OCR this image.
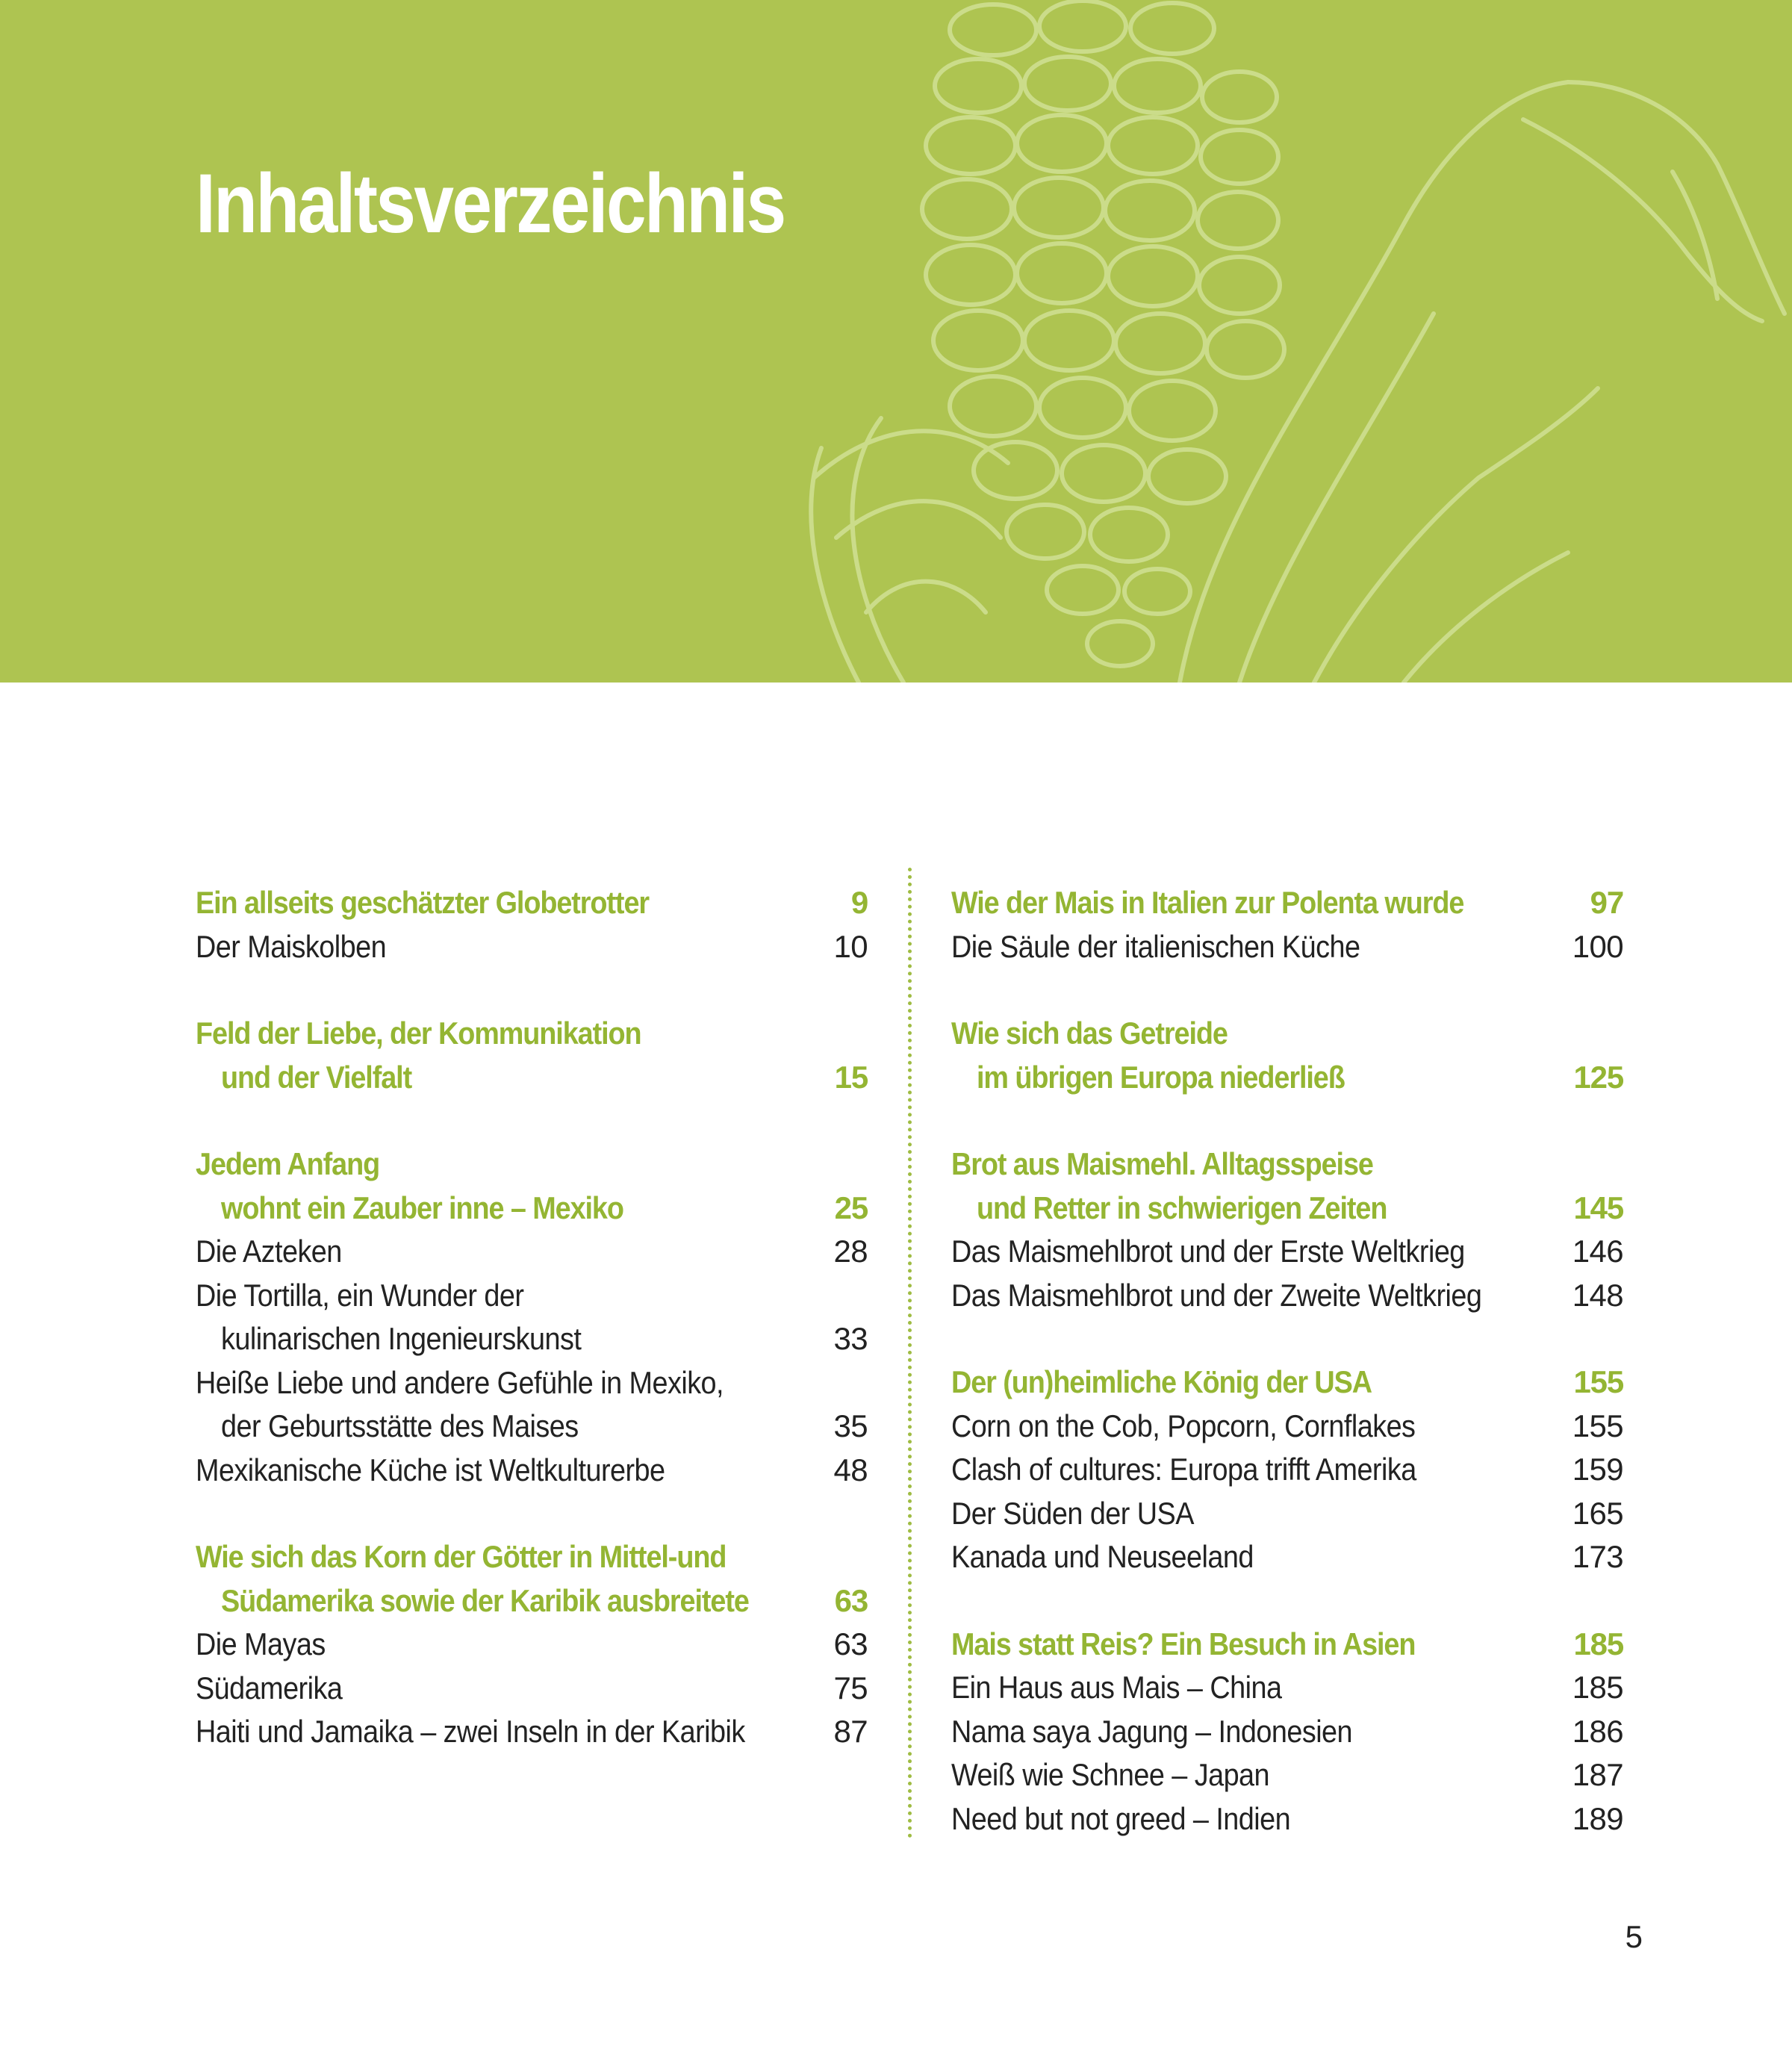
Inhaltsverzeichnis
Ein allseits geschätzter Globetrotter	9
Der Maiskolben	10
Feld der Liebe, der Kommunikation
und der Vielfalt	15
Jedem Anfang
wohnt ein Zauber inne – Mexiko	25
Die Azteken	28
Die Tortilla, ein Wunder der
kulinarischen Ingenieurskunst	33
Heiße Liebe und andere Gefühle in Mexiko,
der Geburtsstätte des Maises	35
Mexikanische Küche ist Weltkulturerbe	48
Wie sich das Korn der Götter in Mittel-und
Südamerika sowie der Karibik ausbreitete	63
Die Mayas	63
Südamerika	75
Haiti und Jamaika – zwei Inseln in der Karibik	87
Wie der Mais in Italien zur Polenta wurde	97
Die Säule der italienischen Küche	100
Wie sich das Getreide
im übrigen Europa niederließ	125
Brot aus Maismehl. Alltagsspeise
und Retter in schwierigen Zeiten	145
Das Maismehlbrot und der Erste Weltkrieg	146
Das Maismehlbrot und der Zweite Weltkrieg	148
Der (un)heimliche König der USA	155
Corn on the Cob, Popcorn, Cornflakes	155
Clash of cultures: Europa trifft Amerika	159
Der Süden der USA	165
Kanada und Neuseeland	173
Mais statt Reis? Ein Besuch in Asien	185
Ein Haus aus Mais – China	185
Nama saya Jagung – Indonesien	186
Weiß wie Schnee – Japan	187
Need but not greed – Indien	189
5
